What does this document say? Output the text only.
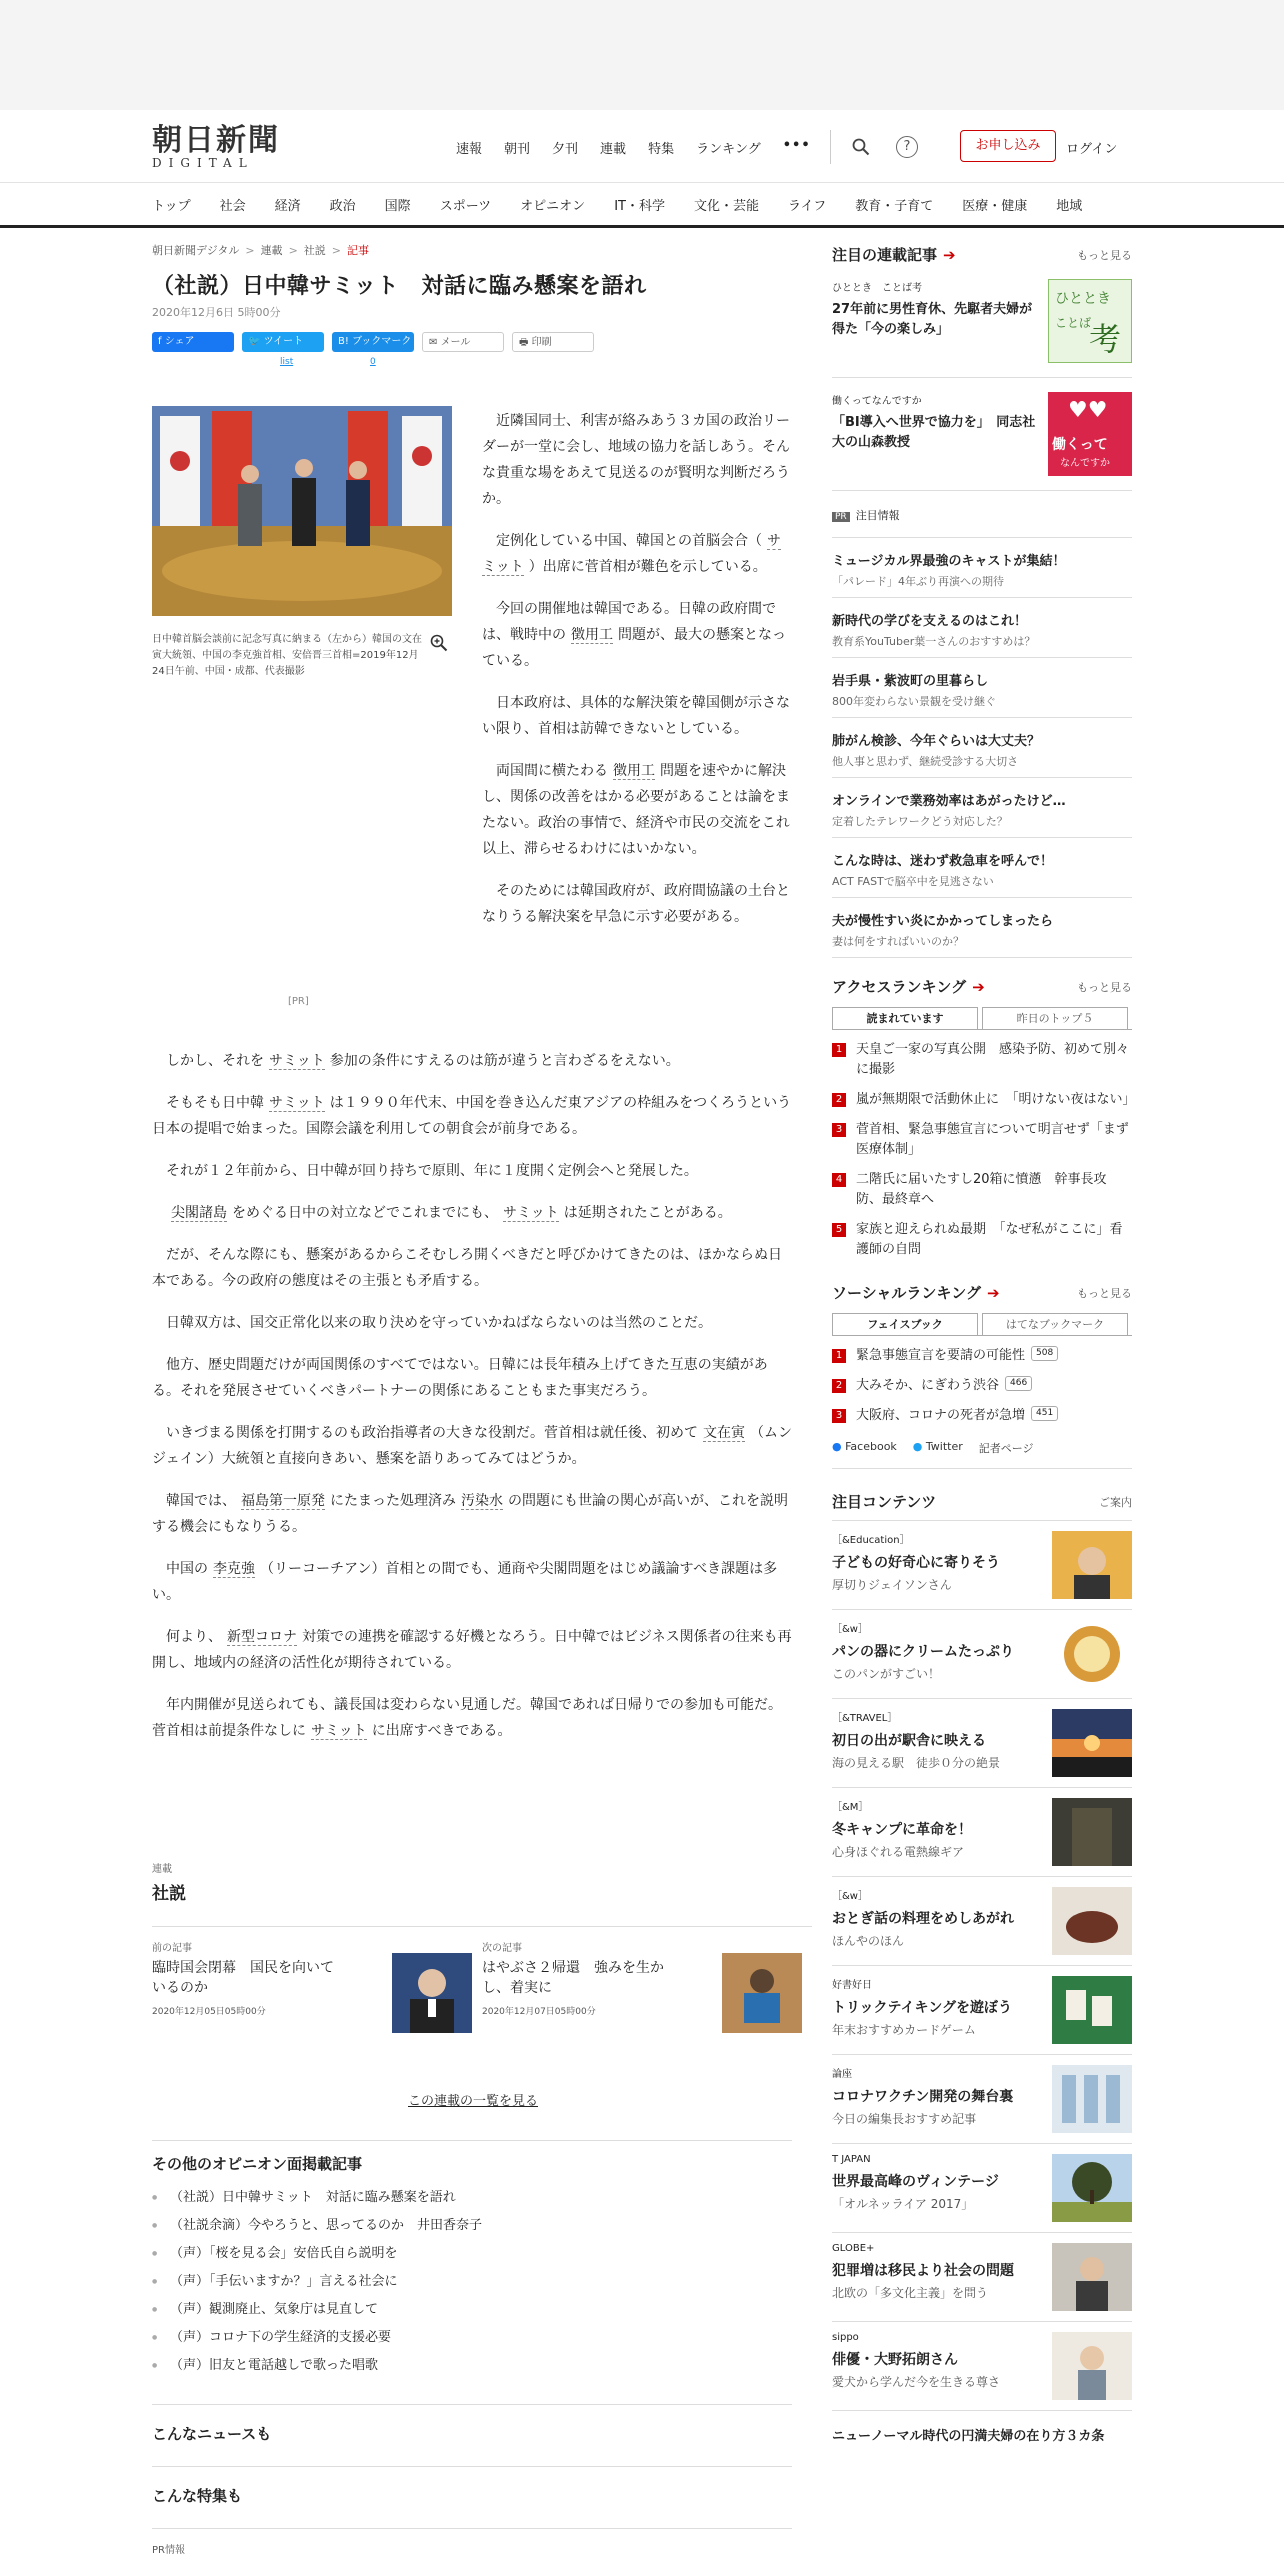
朝日新聞
DIGITAL
速報 朝刊 夕刊 連載 特集 ランキング •••	?	お申し込み	ログイン
トップ 社会 経済 政治 国際 スポーツ オピニオン IT・科学 文化・芸能 ライフ 教育・子育て 医療・健康 地域
朝日新聞デジタル > 連載 > 社説 > 記事
（社説）日中韓サミット　対話に臨み懸案を語れ
2020年12月6日 5時00分
f シェア	🐦 ツイート
list
B! ブックマーク
0
✉ メール	🖶 印刷
日中韓首脳会談前に記念写真に納まる（左から）韓国の文在寅大統領、中国の李克強首相、安倍晋三首相=2019年12月24日午前、中国・成都、代表撮影
[PR]

近隣国同士、利害が絡みあう３カ国の政治リーダーが一堂に会し、地域の協力を話しあう。そんな貴重な場をあえて見送るのが賢明な判断だろうか。

定例化している中国、韓国との首脳会合（ サミット ）出席に菅首相が難色を示している。

今回の開催地は韓国である。日韓の政府間では、戦時中の 徴用工 問題が、最大の懸案となっている。

日本政府は、具体的な解決策を韓国側が示さない限り、首相は訪韓できないとしている。

両国間に横たわる 徴用工 問題を速やかに解決し、関係の改善をはかる必要があることは論をまたない。政治の事情で、経済や市民の交流をこれ以上、滞らせるわけにはいかない。

そのためには韓国政府が、政府間協議の土台となりうる解決案を早急に示す必要がある。

しかし、それを サミット 参加の条件にすえるのは筋が違うと言わざるをえない。

そもそも日中韓 サミット は１９９０年代末、中国を巻き込んだ東アジアの枠組みをつくろうという日本の提唱で始まった。国際会議を利用しての朝食会が前身である。

それが１２年前から、日中韓が回り持ちで原則、年に１度開く定例会へと発展した。

尖閣諸島 をめぐる日中の対立などでこれまでにも、 サミット は延期されたことがある。

だが、そんな際にも、懸案があるからこそむしろ開くべきだと呼びかけてきたのは、ほかならぬ日本である。今の政府の態度はその主張とも矛盾する。

日韓双方は、国交正常化以来の取り決めを守っていかねばならないのは当然のことだ。

他方、歴史問題だけが両国関係のすべてではない。日韓には長年積み上げてきた互恵の実績がある。それを発展させていくべきパートナーの関係にあることもまた事実だろう。

いきづまる関係を打開するのも政治指導者の大きな役割だ。菅首相は就任後、初めて 文在寅 （ムンジェイン）大統領と直接向きあい、懸案を語りあってみてはどうか。

韓国では、 福島第一原発 にたまった処理済み 汚染水 の問題にも世論の関心が高いが、これを説明する機会にもなりうる。

中国の 李克強 （リーコーチアン）首相との間でも、通商や尖閣問題をはじめ議論すべき課題は多い。

何より、 新型コロナ 対策での連携を確認する好機となろう。日中韓ではビジネス関係者の往来も再開し、地域内の経済の活性化が期待されている。

年内開催が見送られても、議長国は変わらない見通しだ。韓国であれば日帰りでの参加も可能だ。菅首相は前提条件なしに サミット に出席すべきである。

連載
社説
前の記事
臨時国会閉幕　国民を向いているのか
2020年12月05日05時00分
次の記事
はやぶさ２帰還　強みを生かし、着実に
2020年12月07日05時00分
この連載の一覧を見る
その他のオピニオン面掲載記事
● （社説）日中韓サミット　対話に臨み懸案を語れ
● （社説余滴）今やろうと、思ってるのか　井田香奈子
● （声）「桜を見る会」安倍氏自ら説明を
● （声）「手伝いますか？」言える社会に
● （声）観測廃止、気象庁は見直して
● （声）コロナ下の学生経済的支援必要
● （声）旧友と電話越しで歌った唱歌
こんなニュースも
こんな特集も
PR情報
注目の連載記事 ➔	もっと見る
ひととき　ことば考
27年前に男性育休、先駆者夫婦が得た「今の楽しみ」
ひととき
ことば
考
働くってなんですか
「BI導入へ世界で協力を」　同志社大の山森教授
♥♥
働くって
なんですか
PR 注目情報
ミュージカル界最強のキャストが集結！
「パレード」4年ぶり再演への期待
新時代の学びを支えるのはこれ！
教育系YouTuber葉一さんのおすすめは？
岩手県・紫波町の里暮らし
800年変わらない景観を受け継ぐ
肺がん検診、今年ぐらいは大丈夫？
他人事と思わず、継続受診する大切さ
オンラインで業務効率はあがったけど…
定着したテレワークどう対応した？
こんな時は、迷わず救急車を呼んで！
ACT FASTで脳卒中を見逃さない
夫が慢性すい炎にかかってしまったら
妻は何をすればいいのか？
アクセスランキング ➔	もっと見る
読まれています	昨日のトップ５
1 天皇ご一家の写真公開　感染予防、初めて別々に撮影
2 嵐が無期限で活動休止に　「明けない夜はない」
3 菅首相、緊急事態宣言について明言せず「まず医療体制」
4 二階氏に届いたすし20箱に憤懣　幹事長攻防、最終章へ
5 家族と迎えられぬ最期　「なぜ私がここに」看護師の自問
ソーシャルランキング ➔	もっと見る
フェイスブック	はてなブックマーク
1 緊急事態宣言を要請の可能性	508
2 大みそか、にぎわう渋谷	466
3 大阪府、コロナの死者が急増	451
● Facebook ● Twitter 記者ページ
注目コンテンツ	ご案内
［&Education］
子どもの好奇心に寄りそう
厚切りジェイソンさん
［&w］
パンの器にクリームたっぷり
このパンがすごい！
［&TRAVEL］
初日の出が駅舎に映える
海の見える駅　徒歩０分の絶景
［&M］
冬キャンプに革命を！
心身ほぐれる電熱線ギア
［&w］
おとぎ話の料理をめしあがれ
ほんやのほん
好書好日
トリックテイキングを遊ぼう
年末おすすめカードゲーム
論座
コロナワクチン開発の舞台裏
今日の編集長おすすめ記事
T JAPAN
世界最高峰のヴィンテージ
「オルネッライア 2017」
GLOBE+
犯罪増は移民より社会の問題
北欧の「多文化主義」を問う
sippo
俳優・大野拓朗さん
愛犬から学んだ今を生きる尊さ
ニューノーマル時代の円満夫婦の在り方３カ条
